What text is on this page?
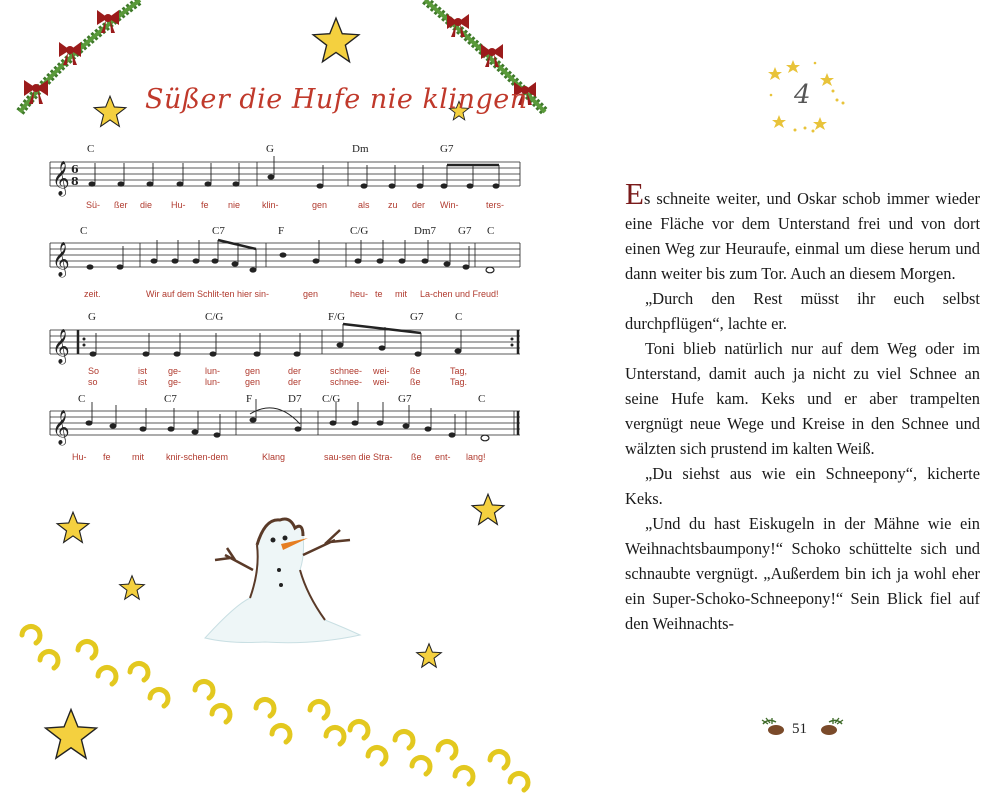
Süßer die Hufe nie klingen
𝄞
𝄞
𝄞
𝄞
6
8
C	G	Dm	G7
Sü- ßer die Hu- fe nie klin-	gen	als zu der Win-	ters-
C	C7	F	C/G	Dm7 G7 C
zeit.	Wir auf dem Schlit-ten hier sin-	gen	heu- te mit La-chen und Freud!
G	C/G	F/G	G7	C
So	ist ge-	lun-	gen	der	schnee- wei- ße	Tag,
so	ist ge-	lun-	gen	der	schnee- wei- ße	Tag.
C	C7	F	D7 C/G	G7	C
Hu- fe mit knir-schen-dem	Klang	sau-sen die Stra- ße ent- lang!
4

Es schneite weiter, und Oskar schob immer wieder eine Fläche vor dem Unterstand frei und von dort einen Weg zur Heuraufe, einmal um diese herum und dann weiter bis zum Tor. Auch an diesem Morgen.

„Durch den Rest müsst ihr euch selbst durchpflügen“, lachte er.

Toni blieb natürlich nur auf dem Weg oder im Unterstand, damit auch ja nicht zu viel Schnee an seine Hufe kam. Keks und er aber trampelten vergnügt neue Wege und Kreise in den Schnee und wälzten sich prustend im kalten Weiß.

„Du siehst aus wie ein Schneepony“, kicherte Keks.

„Und du hast Eiskugeln in der Mähne wie ein Weihnachtsbaumpony!“ Schoko schüttelte sich und schnaubte vergnügt. „Außerdem bin ich ja wohl eher ein Super-Schoko-Schneepony!“ Sein Blick fiel auf den Weihnachts-

51
